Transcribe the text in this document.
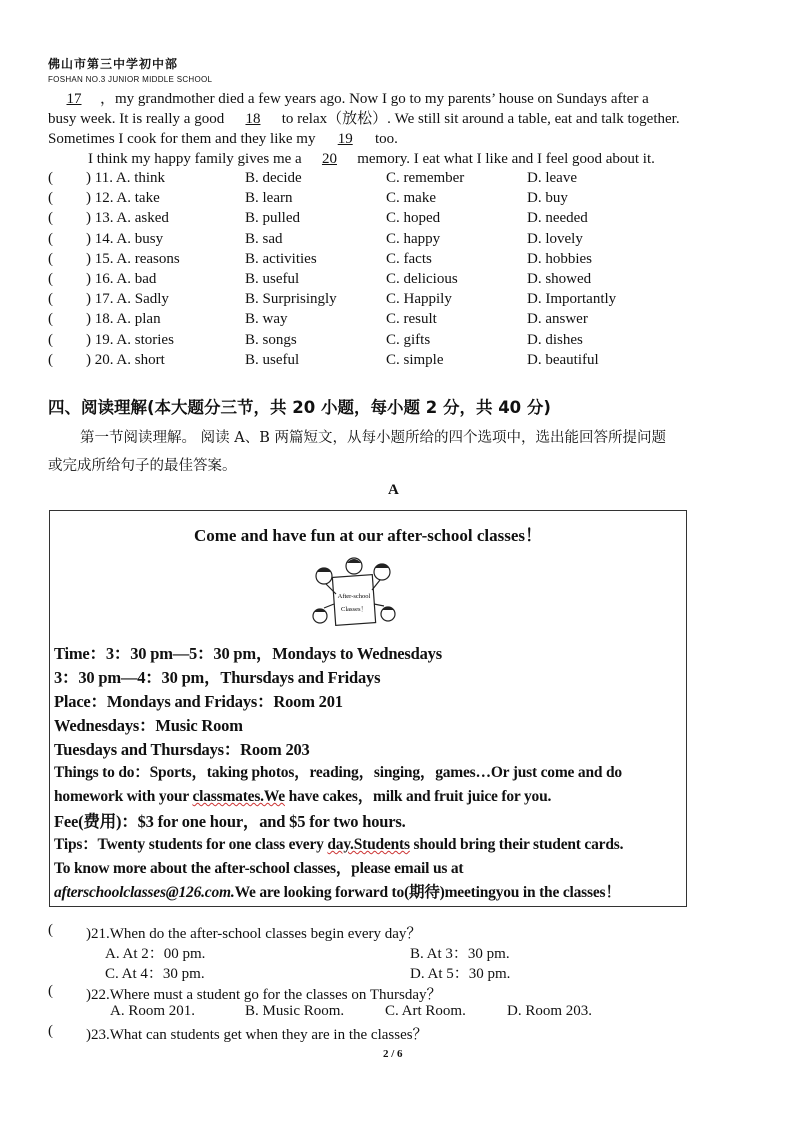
佛山市第三中学初中部
FOSHAN NO.3 JUNIOR MIDDLE SCHOOL
17 ，my grandmother died a few years ago. Now I go to my parents’ house on Sundays after a
busy week. It is really a good 18 to relax（放松）. We still sit around a table, eat and talk together.
Sometimes I cook for them and they like my 19 too.
I think my happy family gives me a 20 memory. I eat what I like and I feel good about it.
( ) 11. A. think	B. decide	C. remember	D. leave
( ) 12. A. take	B. learn	C. make	D. buy
( ) 13. A. asked	B. pulled	C. hoped	D. needed
( ) 14. A. busy	B. sad	C. happy	D. lovely
( ) 15. A. reasons	B. activities	C. facts	D. hobbies
( ) 16. A. bad	B. useful	C. delicious	D. showed
( ) 17. A. Sadly	B. Surprisingly	C. Happily	D. Importantly
( ) 18. A. plan	B. way	C. result	D. answer
( ) 19. A. stories	B. songs	C. gifts	D. dishes
( ) 20. A. short	B. useful	C. simple	D. beautiful
四、阅读理解(本大题分三节，共 20 小题，每小题 2 分，共 40 分)
第一节阅读理解。 阅读 A、B 两篇短文，从每小题所给的四个选项中，选出能回答所提问题
或完成所给句子的最佳答案。
A
Come and have fun at our after-school classes！
After-school
Classes！
Time：3：30 pm—5：30 pm，Mondays to Wednesdays
3：30 pm—4：30 pm，Thursdays and Fridays
Place：Mondays and Fridays：Room 201
Wednesdays：Music Room
Tuesdays and Thursdays：Room 203
Things to do：Sports，taking photos，reading，singing，games…Or just come and do
homework with your classmates.We have cakes，milk and fruit juice for you.
Fee(费用)：$3 for one hour，and $5 for two hours.
Tips：Twenty students for one class every day.Students should bring their student cards.
To know more about the after-school classes，please email us at
afterschoolclasses@126.com.We are looking forward to(期待)meetingyou in the classes！
( )21.When do the after-school classes begin every day？
A. At 2：00 pm.	B. At 3：30 pm.
C. At 4：30 pm.	D. At 5：30 pm.
( )22.Where must a student go for the classes on Thursday？
A. Room 201.	B. Music Room.	C. Art Room.	D. Room 203.
( )23.What can students get when they are in the classes？
2 / 6
